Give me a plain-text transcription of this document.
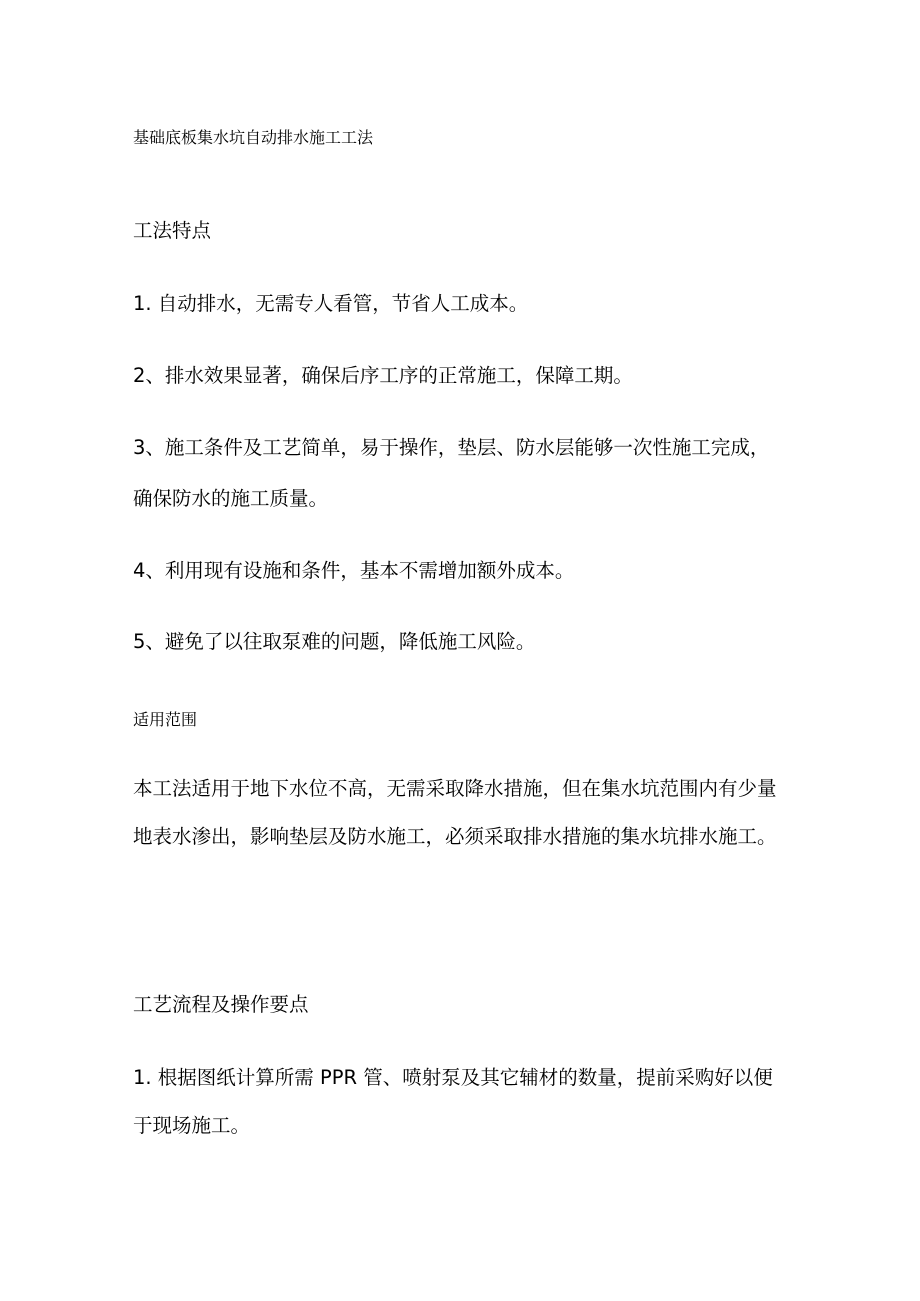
基础底板集水坑自动排水施工工法
工法特点
1. 自动排水，无需专人看管，节省人工成本。
2、排水效果显著，确保后序工序的正常施工，保障工期。
3、施工条件及工艺简单，易于操作，垫层、防水层能够一次性施工完成，
确保防水的施工质量。
4、利用现有设施和条件，基本不需增加额外成本。
5、避免了以往取泵难的问题，降低施工风险。
适用范围
本工法适用于地下水位不高，无需采取降水措施，但在集水坑范围内有少量
地表水渗出，影响垫层及防水施工，必须采取排水措施的集水坑排水施工。
工艺流程及操作要点
1. 根据图纸计算所需 PPR 管、喷射泵及其它辅材的数量，提前采购好以便
于现场施工。
